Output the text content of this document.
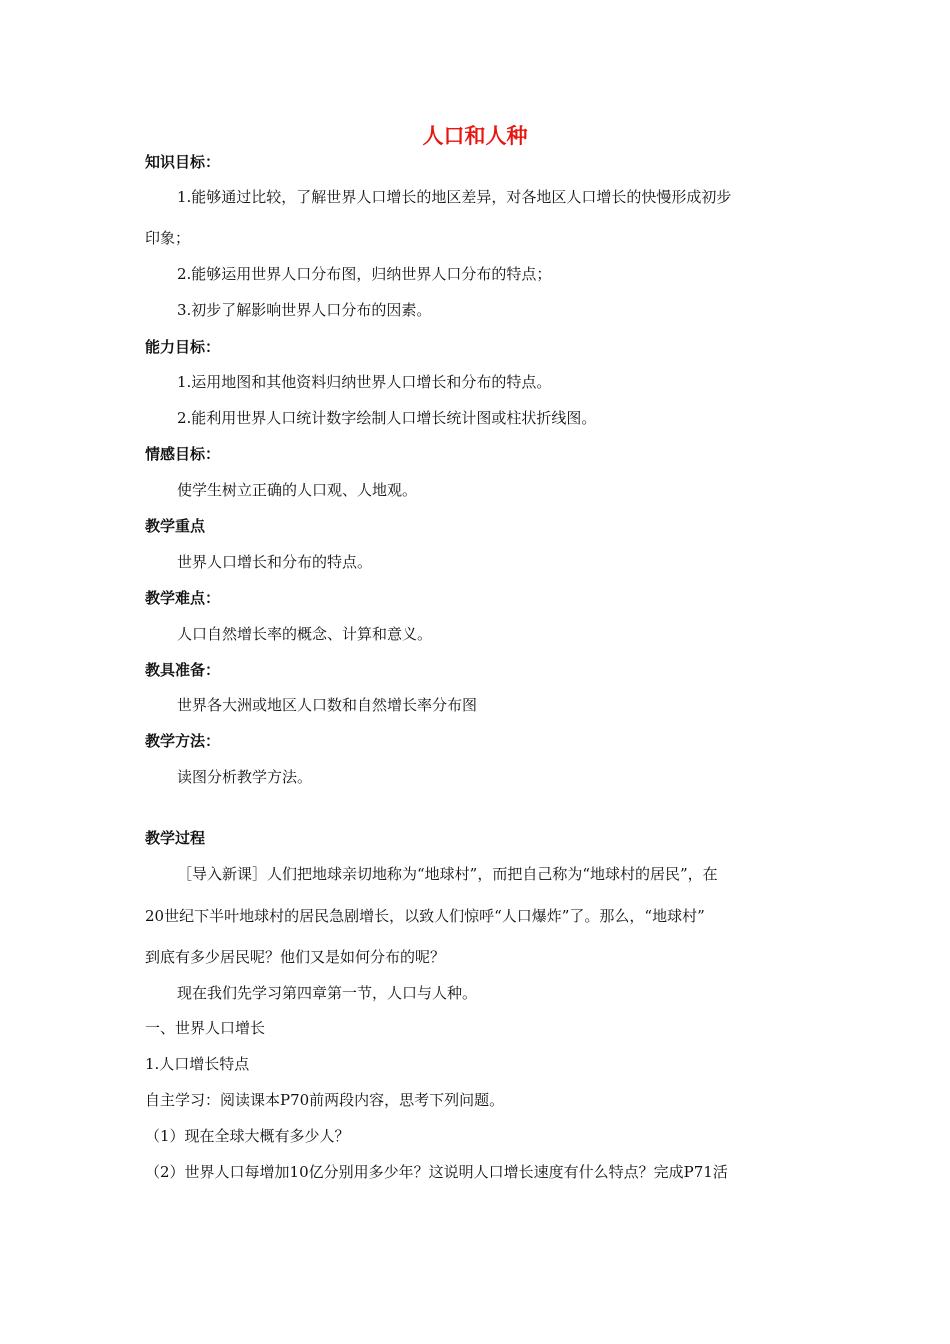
人口和人种
知识目标：
1.能够通过比较，了解世界人口增长的地区差异，对各地区人口增长的快慢形成初步
印象；
2.能够运用世界人口分布图，归纳世界人口分布的特点；
3.初步了解影响世界人口分布的因素。
能力目标：
1.运用地图和其他资料归纳世界人口增长和分布的特点。
2.能利用世界人口统计数字绘制人口增长统计图或柱状折线图。
情感目标：
使学生树立正确的人口观、人地观。
教学重点
世界人口增长和分布的特点。
教学难点：
人口自然增长率的概念、计算和意义。
教具准备：
世界各大洲或地区人口数和自然增长率分布图
教学方法：
读图分析教学方法。
教学过程
［导入新课］人们把地球亲切地称为“地球村”，而把自己称为“地球村的居民”，在
20世纪下半叶地球村的居民急剧增长，以致人们惊呼“人口爆炸”了。那么，“地球村”
到底有多少居民呢？他们又是如何分布的呢？
现在我们先学习第四章第一节，人口与人种。
一、世界人口增长
1.人口增长特点
自主学习：阅读课本P70前两段内容，思考下列问题。
（1）现在全球大概有多少人？
（2）世界人口每增加10亿分别用多少年？这说明人口增长速度有什么特点？完成P71活
